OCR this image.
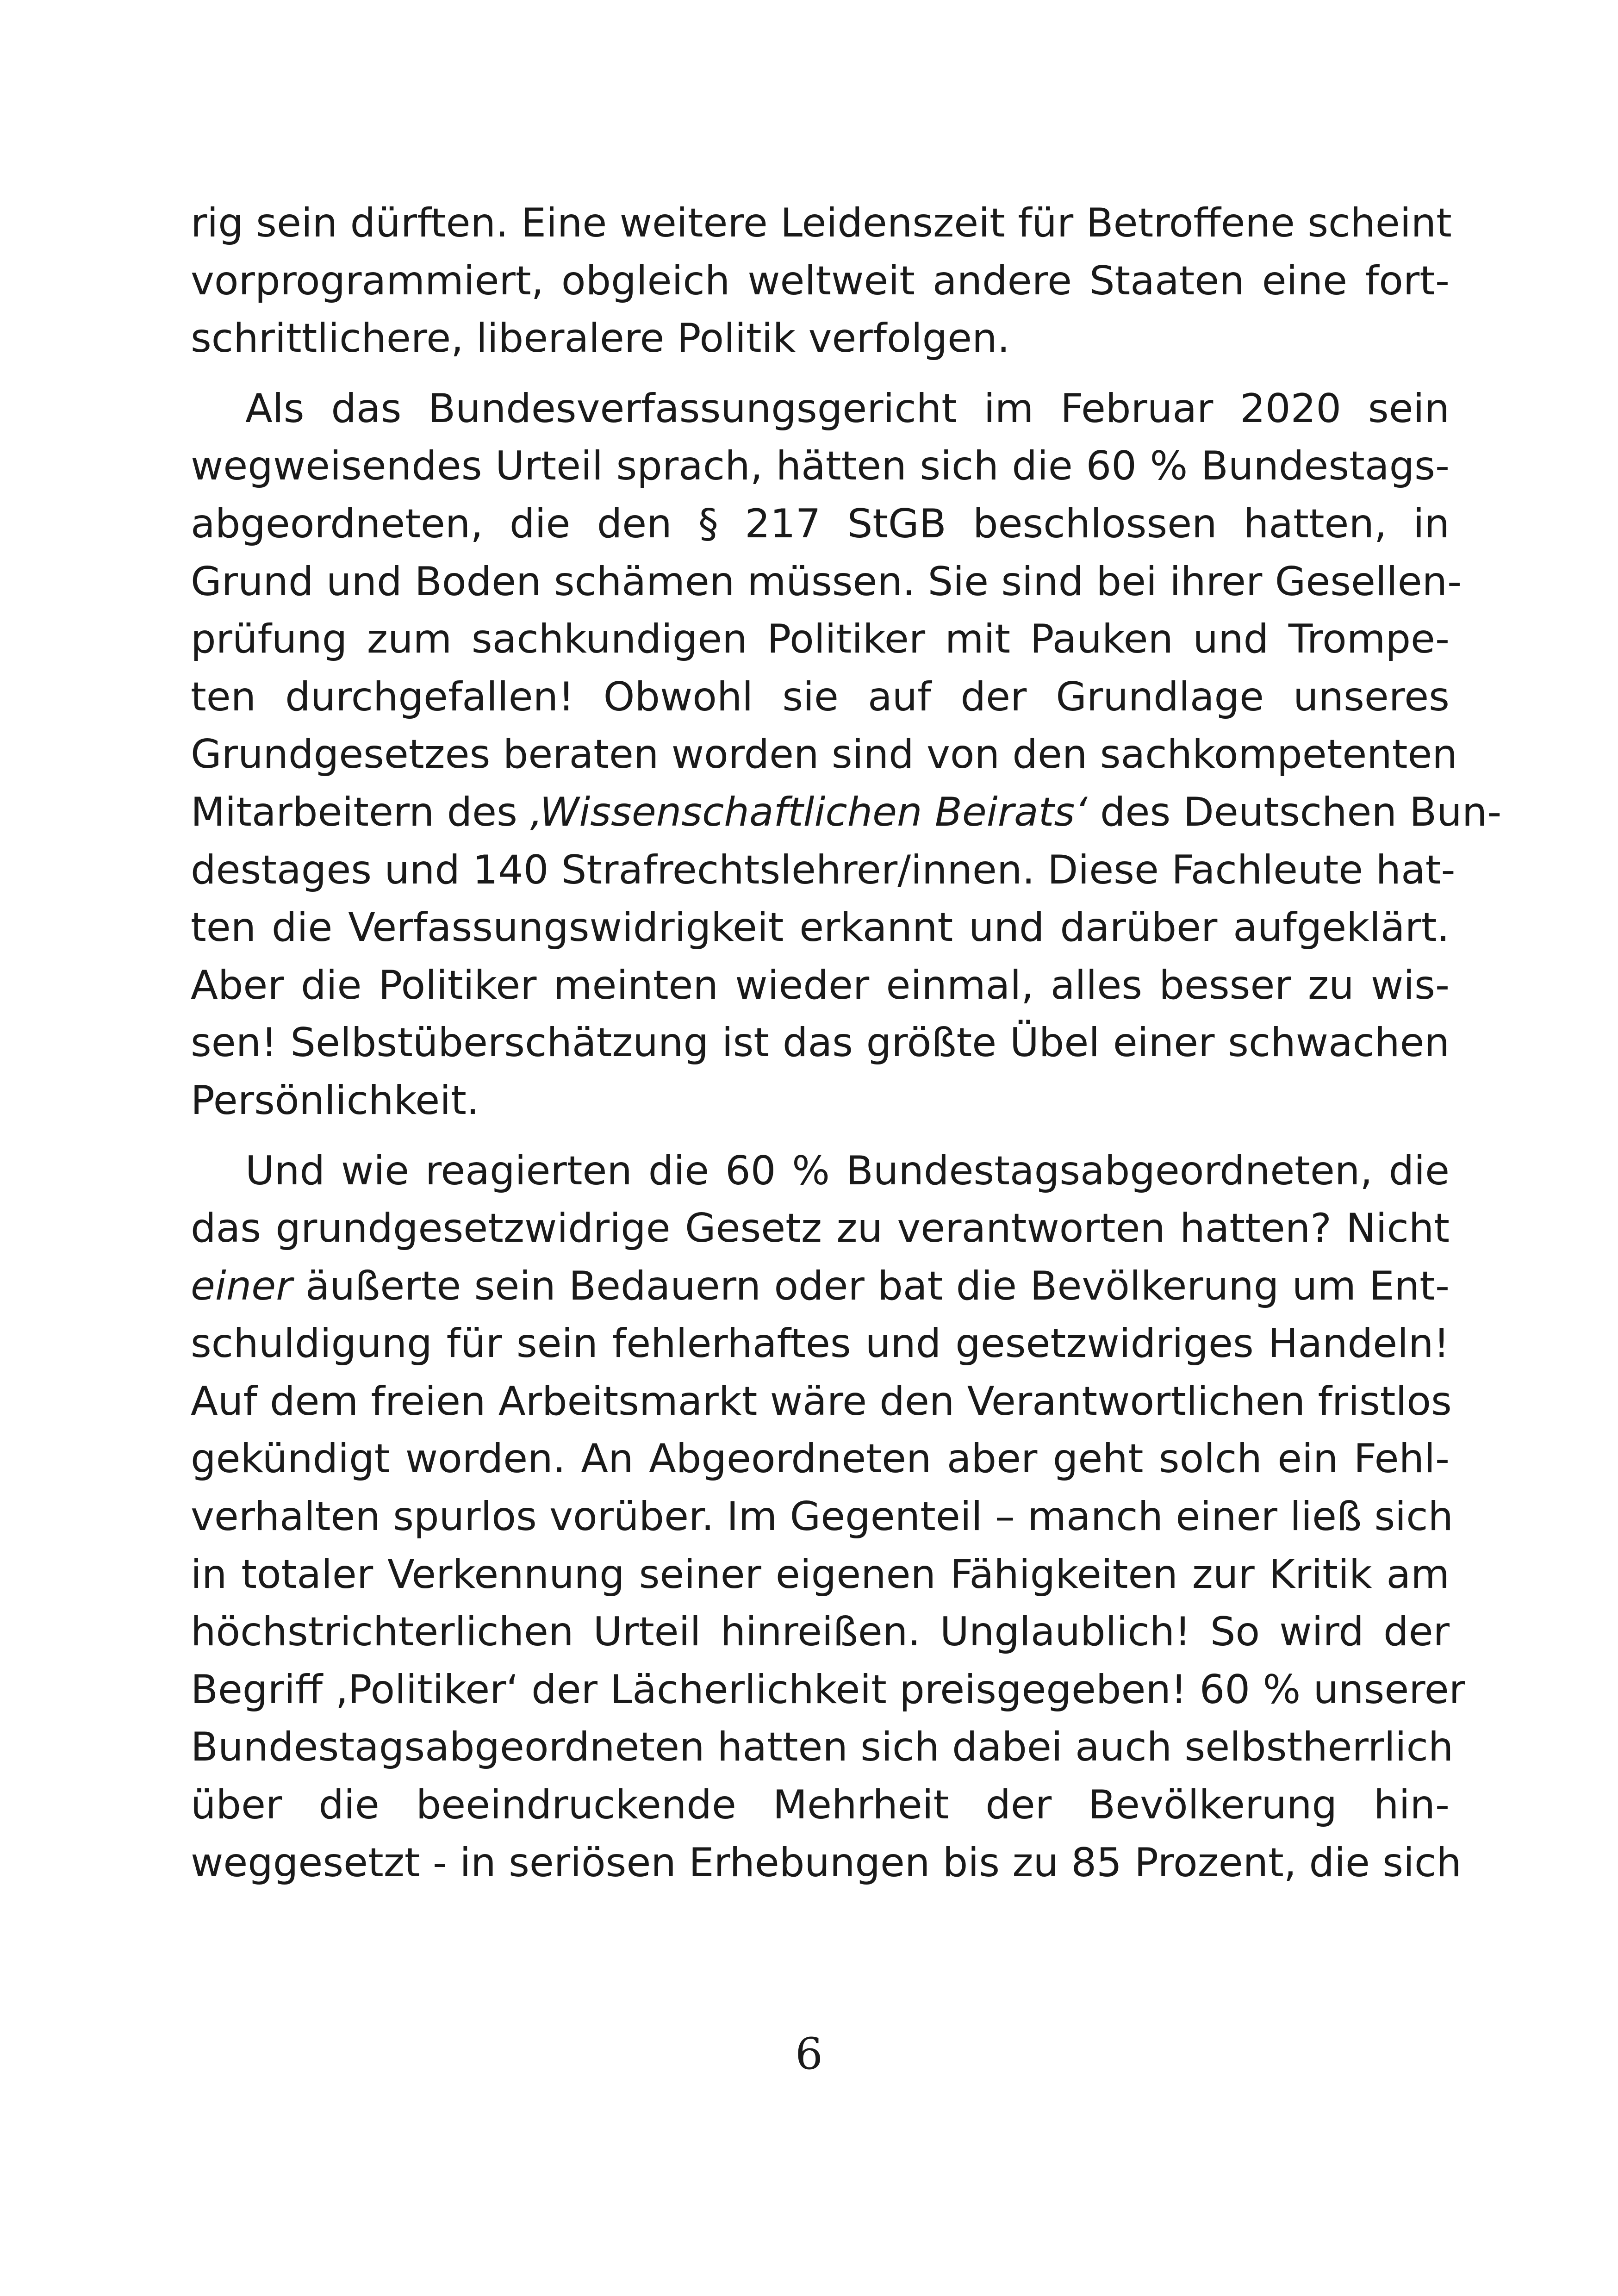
rig sein dürften. Eine weitere Leidenszeit für Betroffene scheint
vorprogrammiert, obgleich weltweit andere Staaten eine fort-
schrittlichere, liberalere Politik verfolgen.
Als das Bundesverfassungsgericht im Februar 2020 sein
wegweisendes Urteil sprach, hätten sich die 60 % Bundestags-
abgeordneten, die den § 217 StGB beschlossen hatten, in
Grund und Boden schämen müssen. Sie sind bei ihrer Gesellen-
prüfung zum sachkundigen Politiker mit Pauken und Trompe-
ten durchgefallen! Obwohl sie auf der Grundlage unseres
Grundgesetzes beraten worden sind von den sachkompetenten
Mitarbeitern des ‚Wissenschaftlichen Beirats‘ des Deutschen Bun-
destages und 140 Strafrechtslehrer/innen. Diese Fachleute hat-
ten die Verfassungswidrigkeit erkannt und darüber aufgeklärt.
Aber die Politiker meinten wieder einmal, alles besser zu wis-
sen! Selbstüberschätzung ist das größte Übel einer schwachen
Persönlichkeit.
Und wie reagierten die 60 % Bundestagsabgeordneten, die
das grundgesetzwidrige Gesetz zu verantworten hatten? Nicht
einer äußerte sein Bedauern oder bat die Bevölkerung um Ent-
schuldigung für sein fehlerhaftes und gesetzwidriges Handeln!
Auf dem freien Arbeitsmarkt wäre den Verantwortlichen fristlos
gekündigt worden. An Abgeordneten aber geht solch ein Fehl-
verhalten spurlos vorüber. Im Gegenteil – manch einer ließ sich
in totaler Verkennung seiner eigenen Fähigkeiten zur Kritik am
höchstrichterlichen Urteil hinreißen. Unglaublich! So wird der
Begriff ‚Politiker‘ der Lächerlichkeit preisgegeben! 60 % unserer
Bundestagsabgeordneten hatten sich dabei auch selbstherrlich
über die beeindruckende Mehrheit der Bevölkerung hin-
weggesetzt - in seriösen Erhebungen bis zu 85 Prozent, die sich
6
